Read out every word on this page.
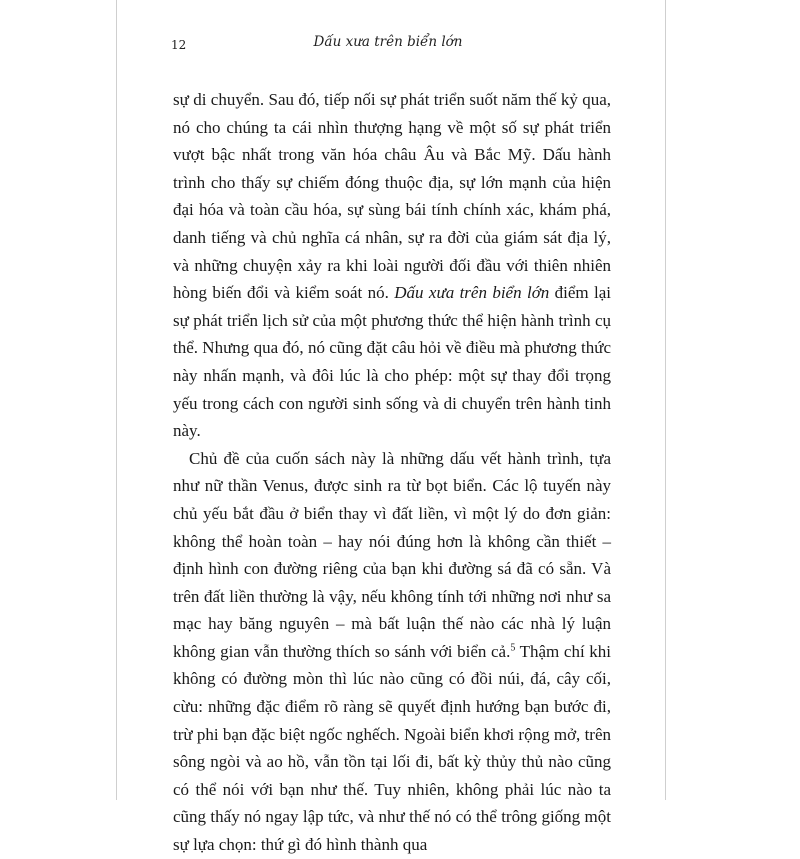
12	Dấu xưa trên biển lớn

sự di chuyển. Sau đó, tiếp nối sự phát triển suốt năm thế kỷ qua, nó cho chúng ta cái nhìn thượng hạng về một số sự phát triển vượt bậc nhất trong văn hóa châu Âu và Bắc Mỹ. Dấu hành trình cho thấy sự chiếm đóng thuộc địa, sự lớn mạnh của hiện đại hóa và toàn cầu hóa, sự sùng bái tính chính xác, khám phá, danh tiếng và chủ nghĩa cá nhân, sự ra đời của giám sát địa lý, và những chuyện xảy ra khi loài người đối đầu với thiên nhiên hòng biến đổi và kiểm soát nó. Dấu xưa trên biển lớn điểm lại sự phát triển lịch sử của một phương thức thể hiện hành trình cụ thể. Nhưng qua đó, nó cũng đặt câu hỏi về điều mà phương thức này nhấn mạnh, và đôi lúc là cho phép: một sự thay đổi trọng yếu trong cách con người sinh sống và di chuyển trên hành tinh này.

Chủ đề của cuốn sách này là những dấu vết hành trình, tựa như nữ thần Venus, được sinh ra từ bọt biển. Các lộ tuyến này chủ yếu bắt đầu ở biển thay vì đất liền, vì một lý do đơn giản: không thể hoàn toàn – hay nói đúng hơn là không cần thiết – định hình con đường riêng của bạn khi đường sá đã có sẵn. Và trên đất liền thường là vậy, nếu không tính tới những nơi như sa mạc hay băng nguyên – mà bất luận thế nào các nhà lý luận không gian vẫn thường thích so sánh với biển cả.$^5$ Thậm chí khi không có đường mòn thì lúc nào cũng có đồi núi, đá, cây cối, cừu: những đặc điểm rõ ràng sẽ quyết định hướng bạn bước đi, trừ phi bạn đặc biệt ngốc nghếch. Ngoài biển khơi rộng mở, trên sông ngòi và ao hồ, vẫn tồn tại lối đi, bất kỳ thủy thủ nào cũng có thể nói với bạn như thế. Tuy nhiên, không phải lúc nào ta cũng thấy nó ngay lập tức, và như thế nó có thể trông giống một sự lựa chọn: thứ gì đó hình thành qua
